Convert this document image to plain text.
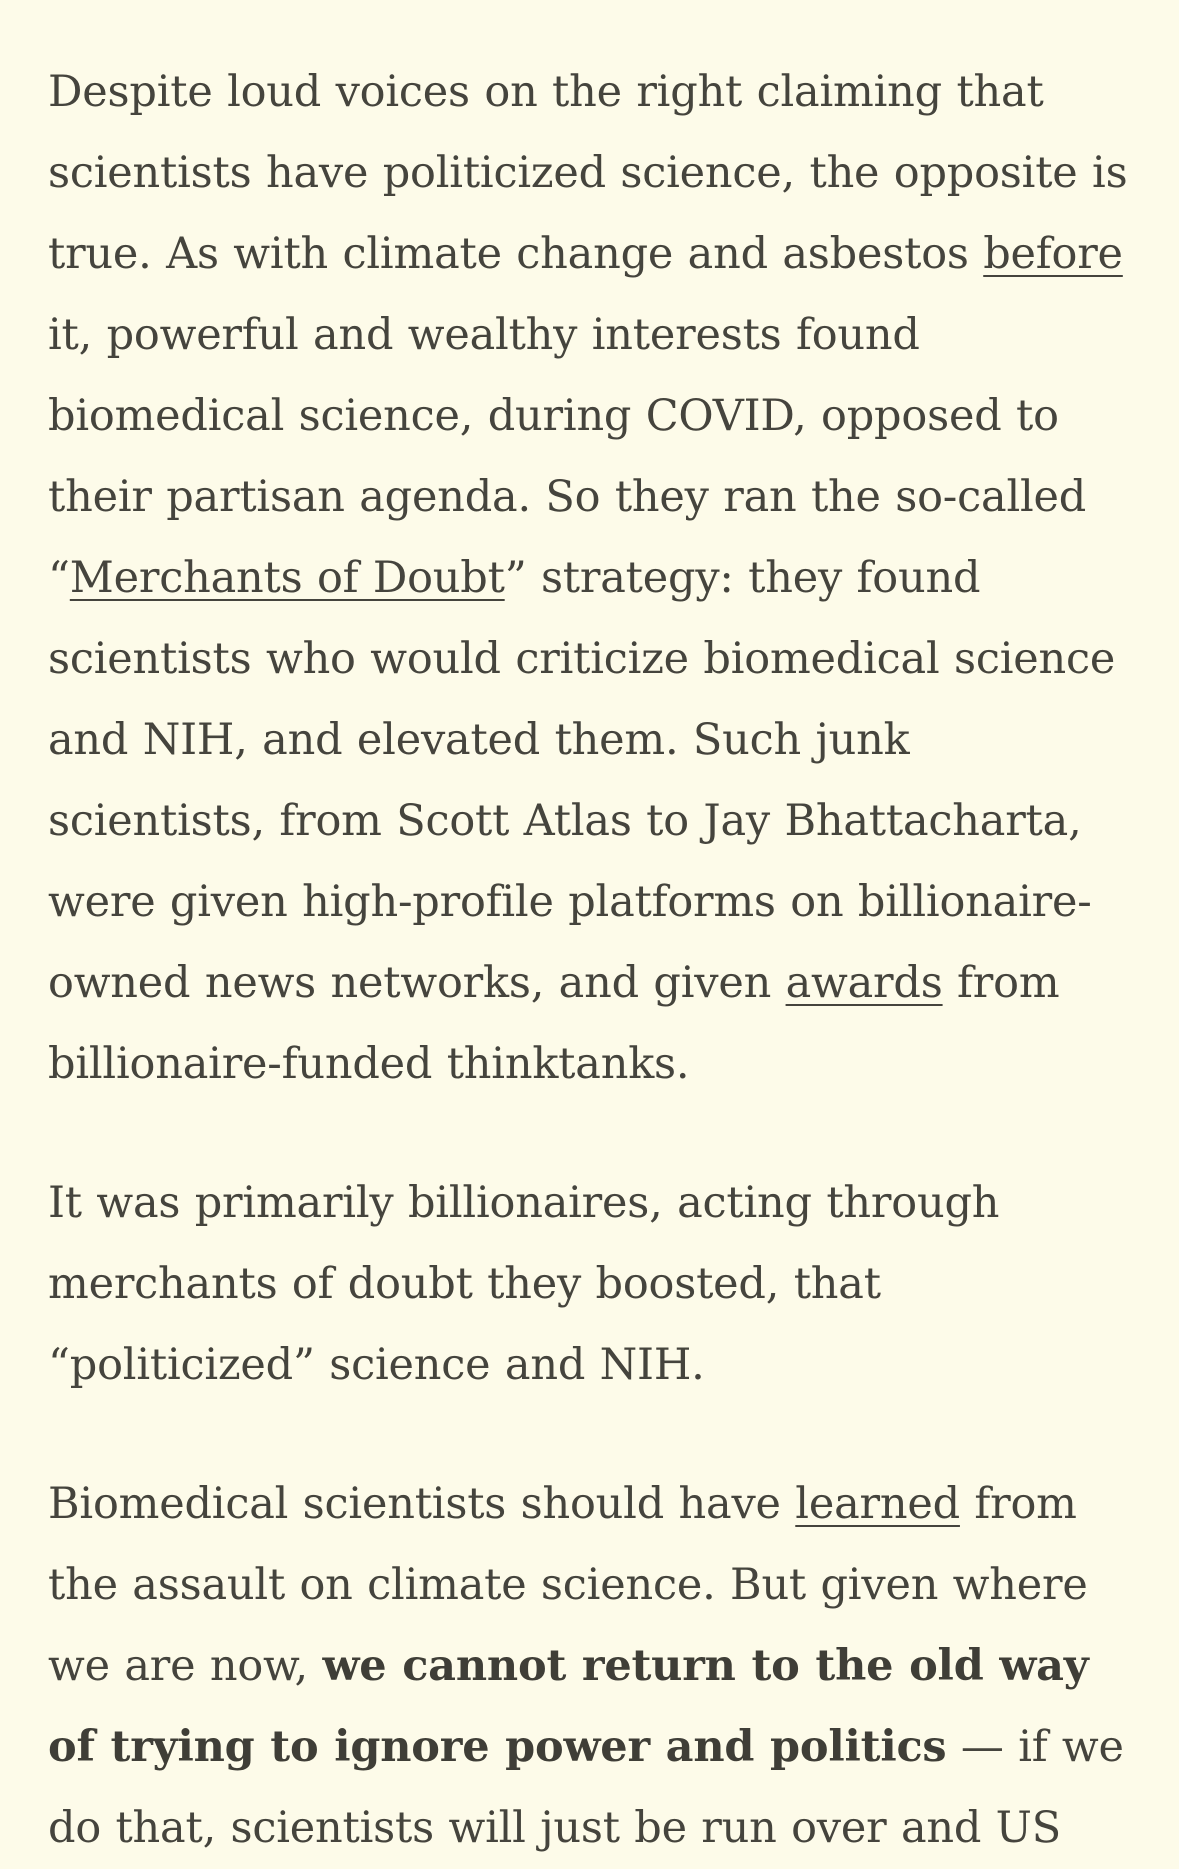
Despite loud voices on the right claiming that scientists have politicized science, the opposite is true. As with climate change and asbestos before it, powerful and wealthy interests found biomedical science, during COVID, opposed to their partisan agenda. So they ran the so-called “Merchants of Doubt” strategy: they found scientists who would criticize biomedical science and NIH, and elevated them. Such junk scientists, from Scott Atlas to Jay Bhattacharta, were given high-profile platforms on billionaire-owned news networks, and given awards from billionaire-funded thinktanks.

It was primarily billionaires, acting through merchants of doubt they boosted, that “politicized” science and NIH.

Biomedical scientists should have learned from the assault on climate science. But given where we are now, we cannot return to the old way of trying to ignore power and politics — if we do that, scientists will just be run over and US
